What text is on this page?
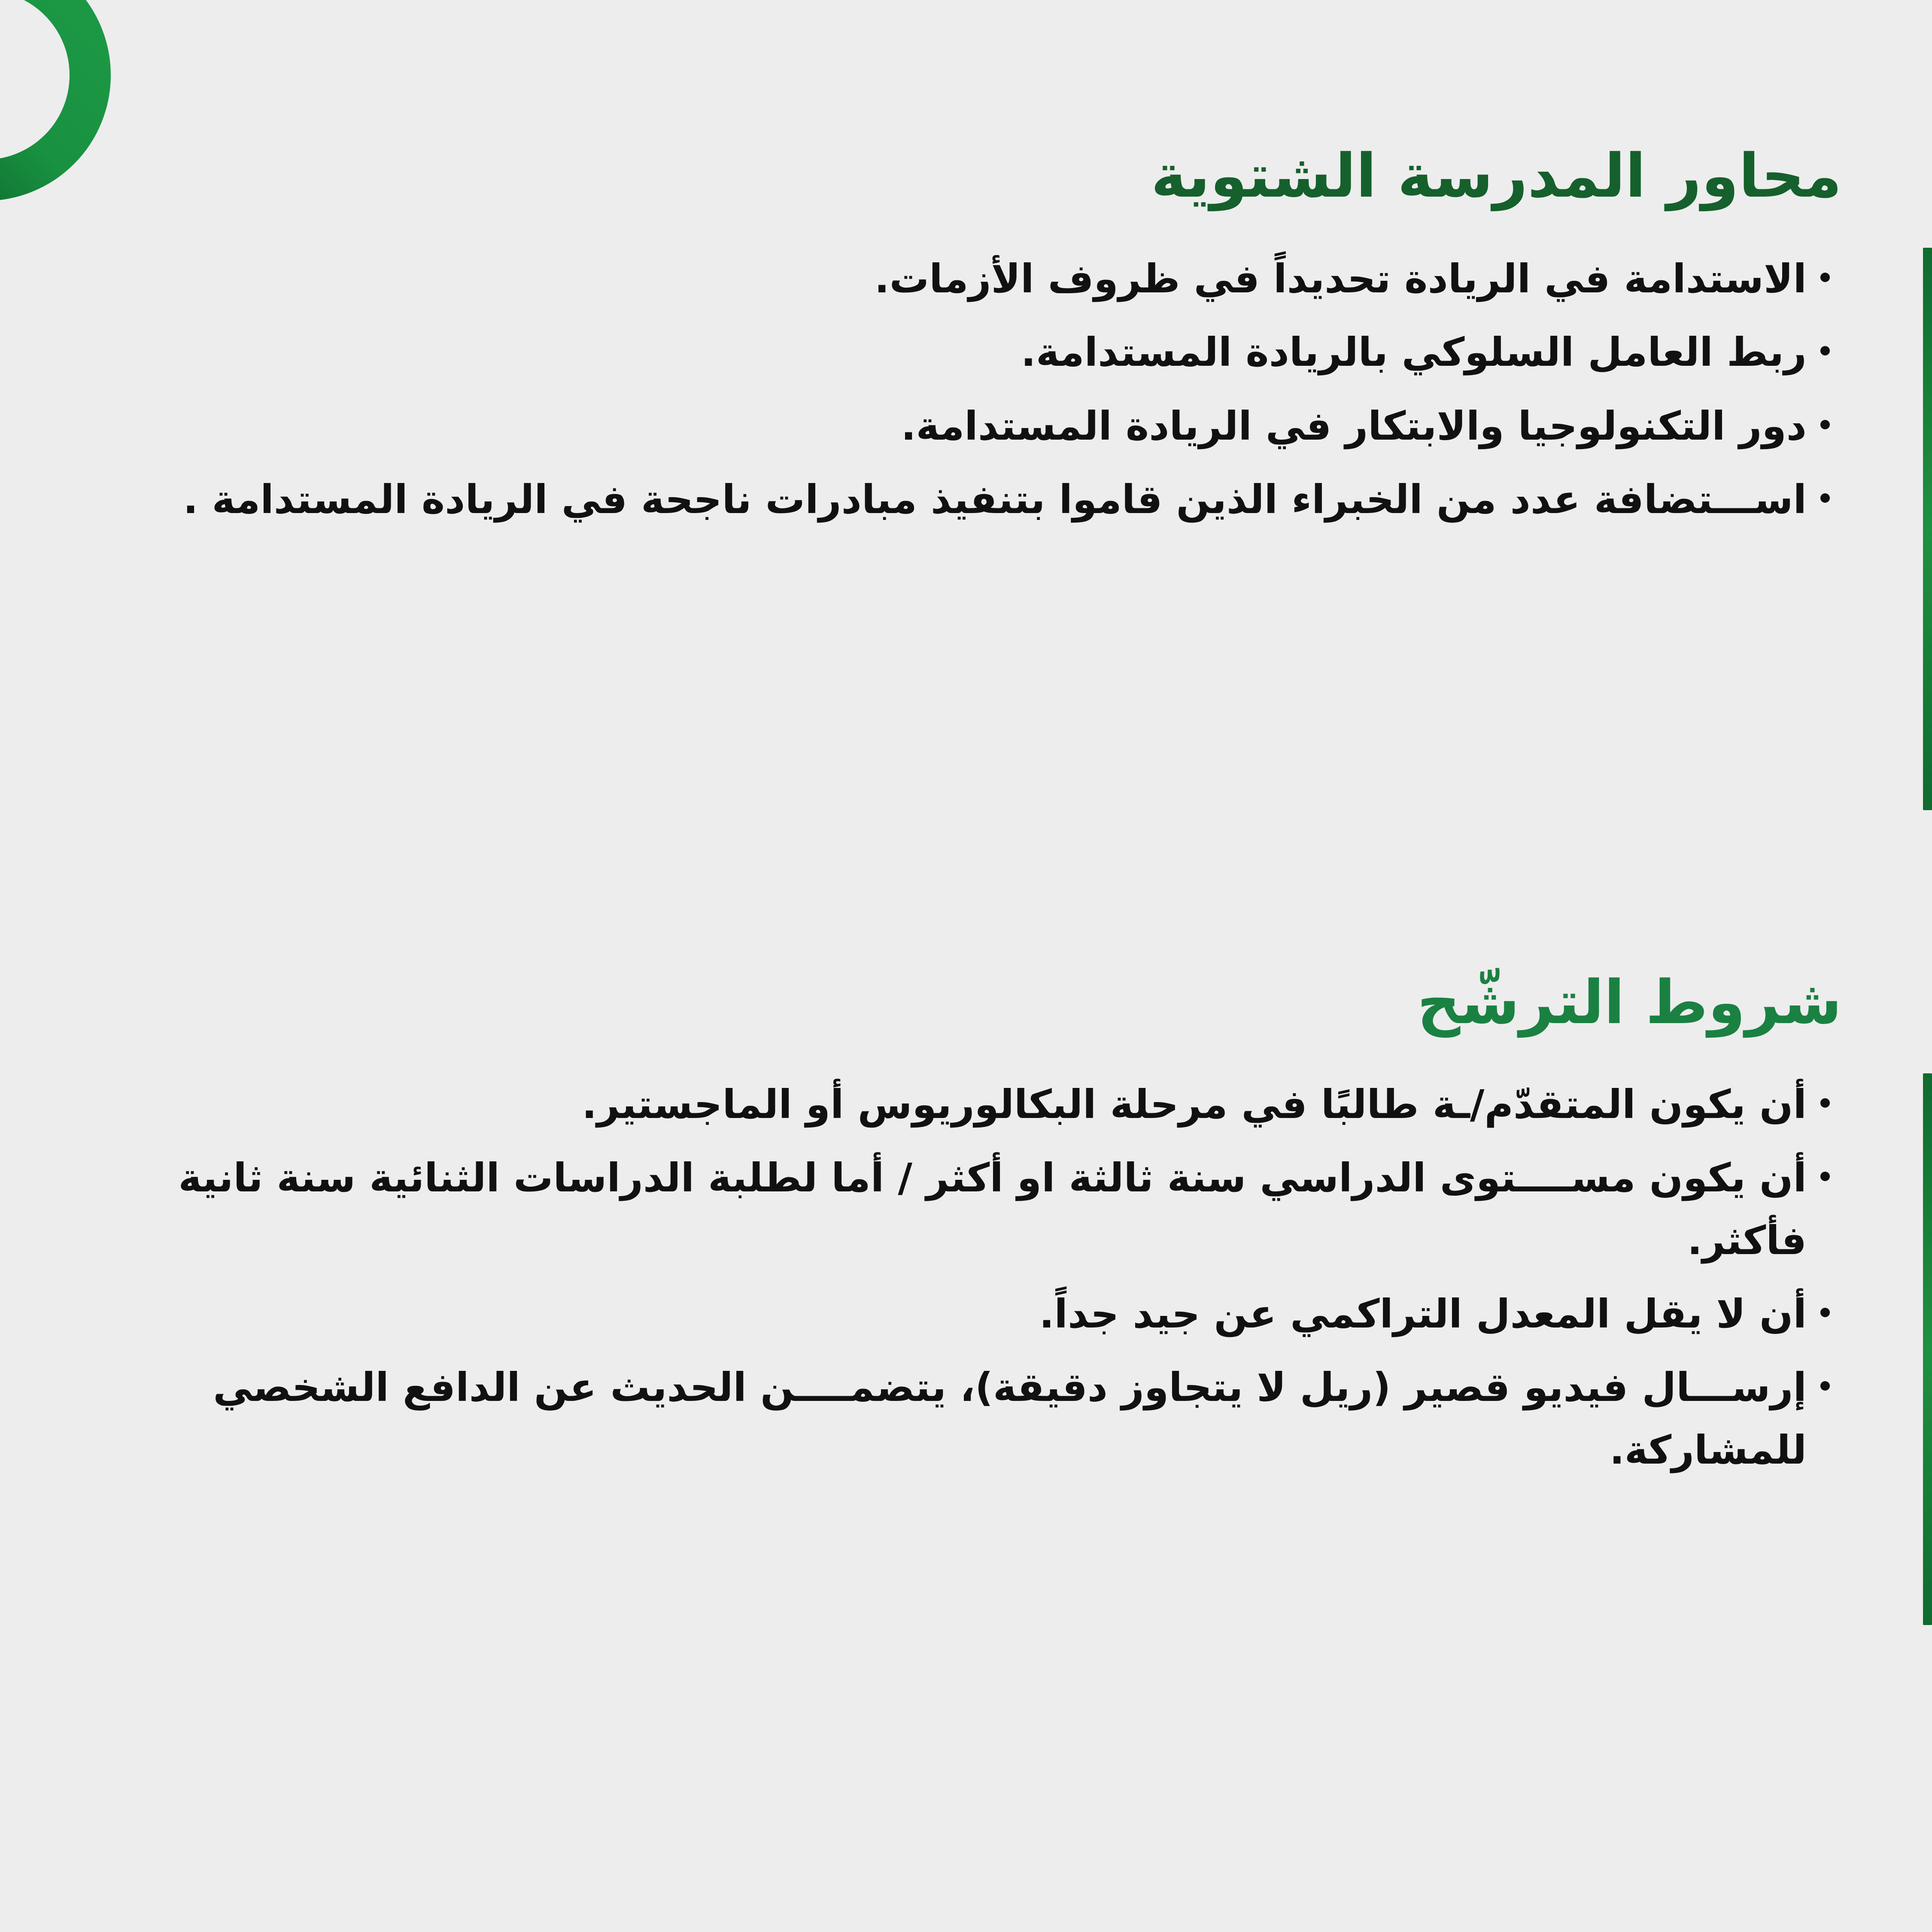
محاور المدرسة الشتوية
الاستدامة في الريادة تحديداً في ظروف الأزمات.
ربط العامل السلوكي بالريادة المستدامة.
دور التكنولوجيا والابتكار في الريادة المستدامة.
اســـتضافة عدد من الخبراء الذين قاموا بتنفيذ مبادرات ناجحة في الريادة المستدامة .
شروط الترشّح
أن يكون المتقدّم/ـة طالبًا في مرحلة البكالوريوس أو الماجستير.
أن يكون مســــتوى الدراسي سنة ثالثة او أكثر / أما لطلبة الدراسات الثنائية سنة ثانية فأكثر.
أن لا يقل المعدل التراكمي عن جيد جداً.
إرســـال فيديو قصير (ريل لا يتجاوز دقيقة)، يتضمــــن الحديث عن الدافع الشخصي للمشاركة.
